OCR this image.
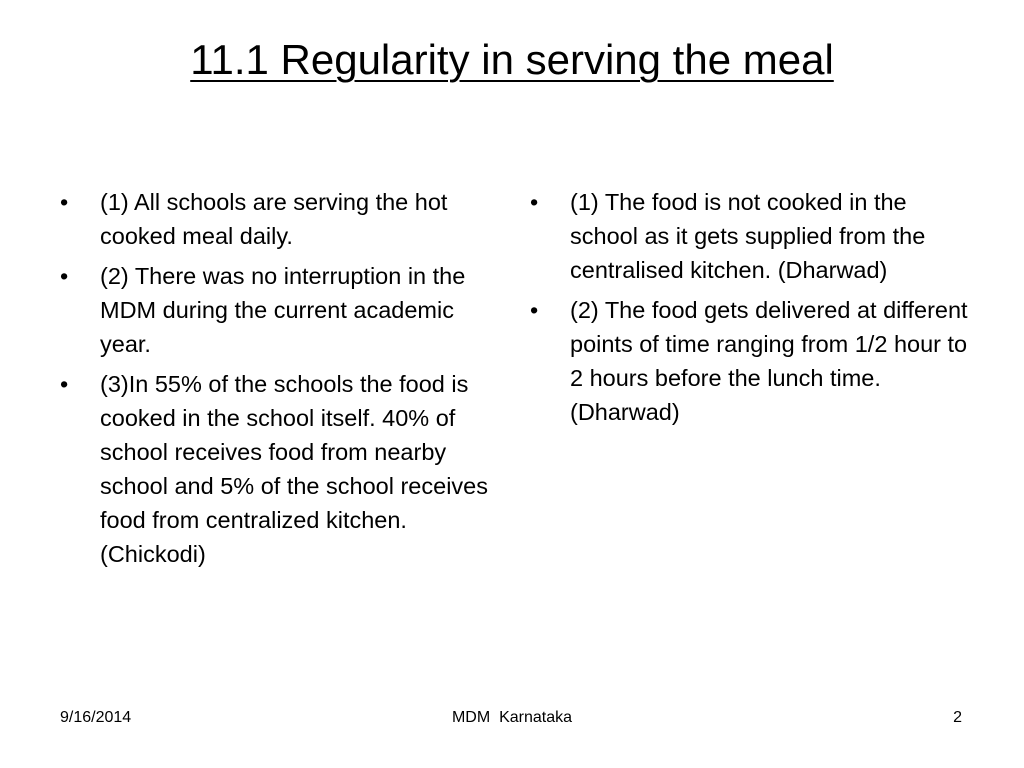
11.1 Regularity in serving the meal
•	(1) All schools are serving the hot cooked meal daily.
•	(2) There was no interruption in the MDM during the current academic year.
•	(3)In 55% of the schools the food is cooked in the school itself. 40% of school receives food from nearby school and 5% of the school receives food from centralized kitchen. (Chickodi)
•	(1) The food is not cooked in the school as it gets supplied from the centralised kitchen. (Dharwad)
•	(2) The food gets delivered at different points of time ranging from 1/2 hour to 2 hours before the lunch time. (Dharwad)
9/16/2014	MDM  Karnataka	2
